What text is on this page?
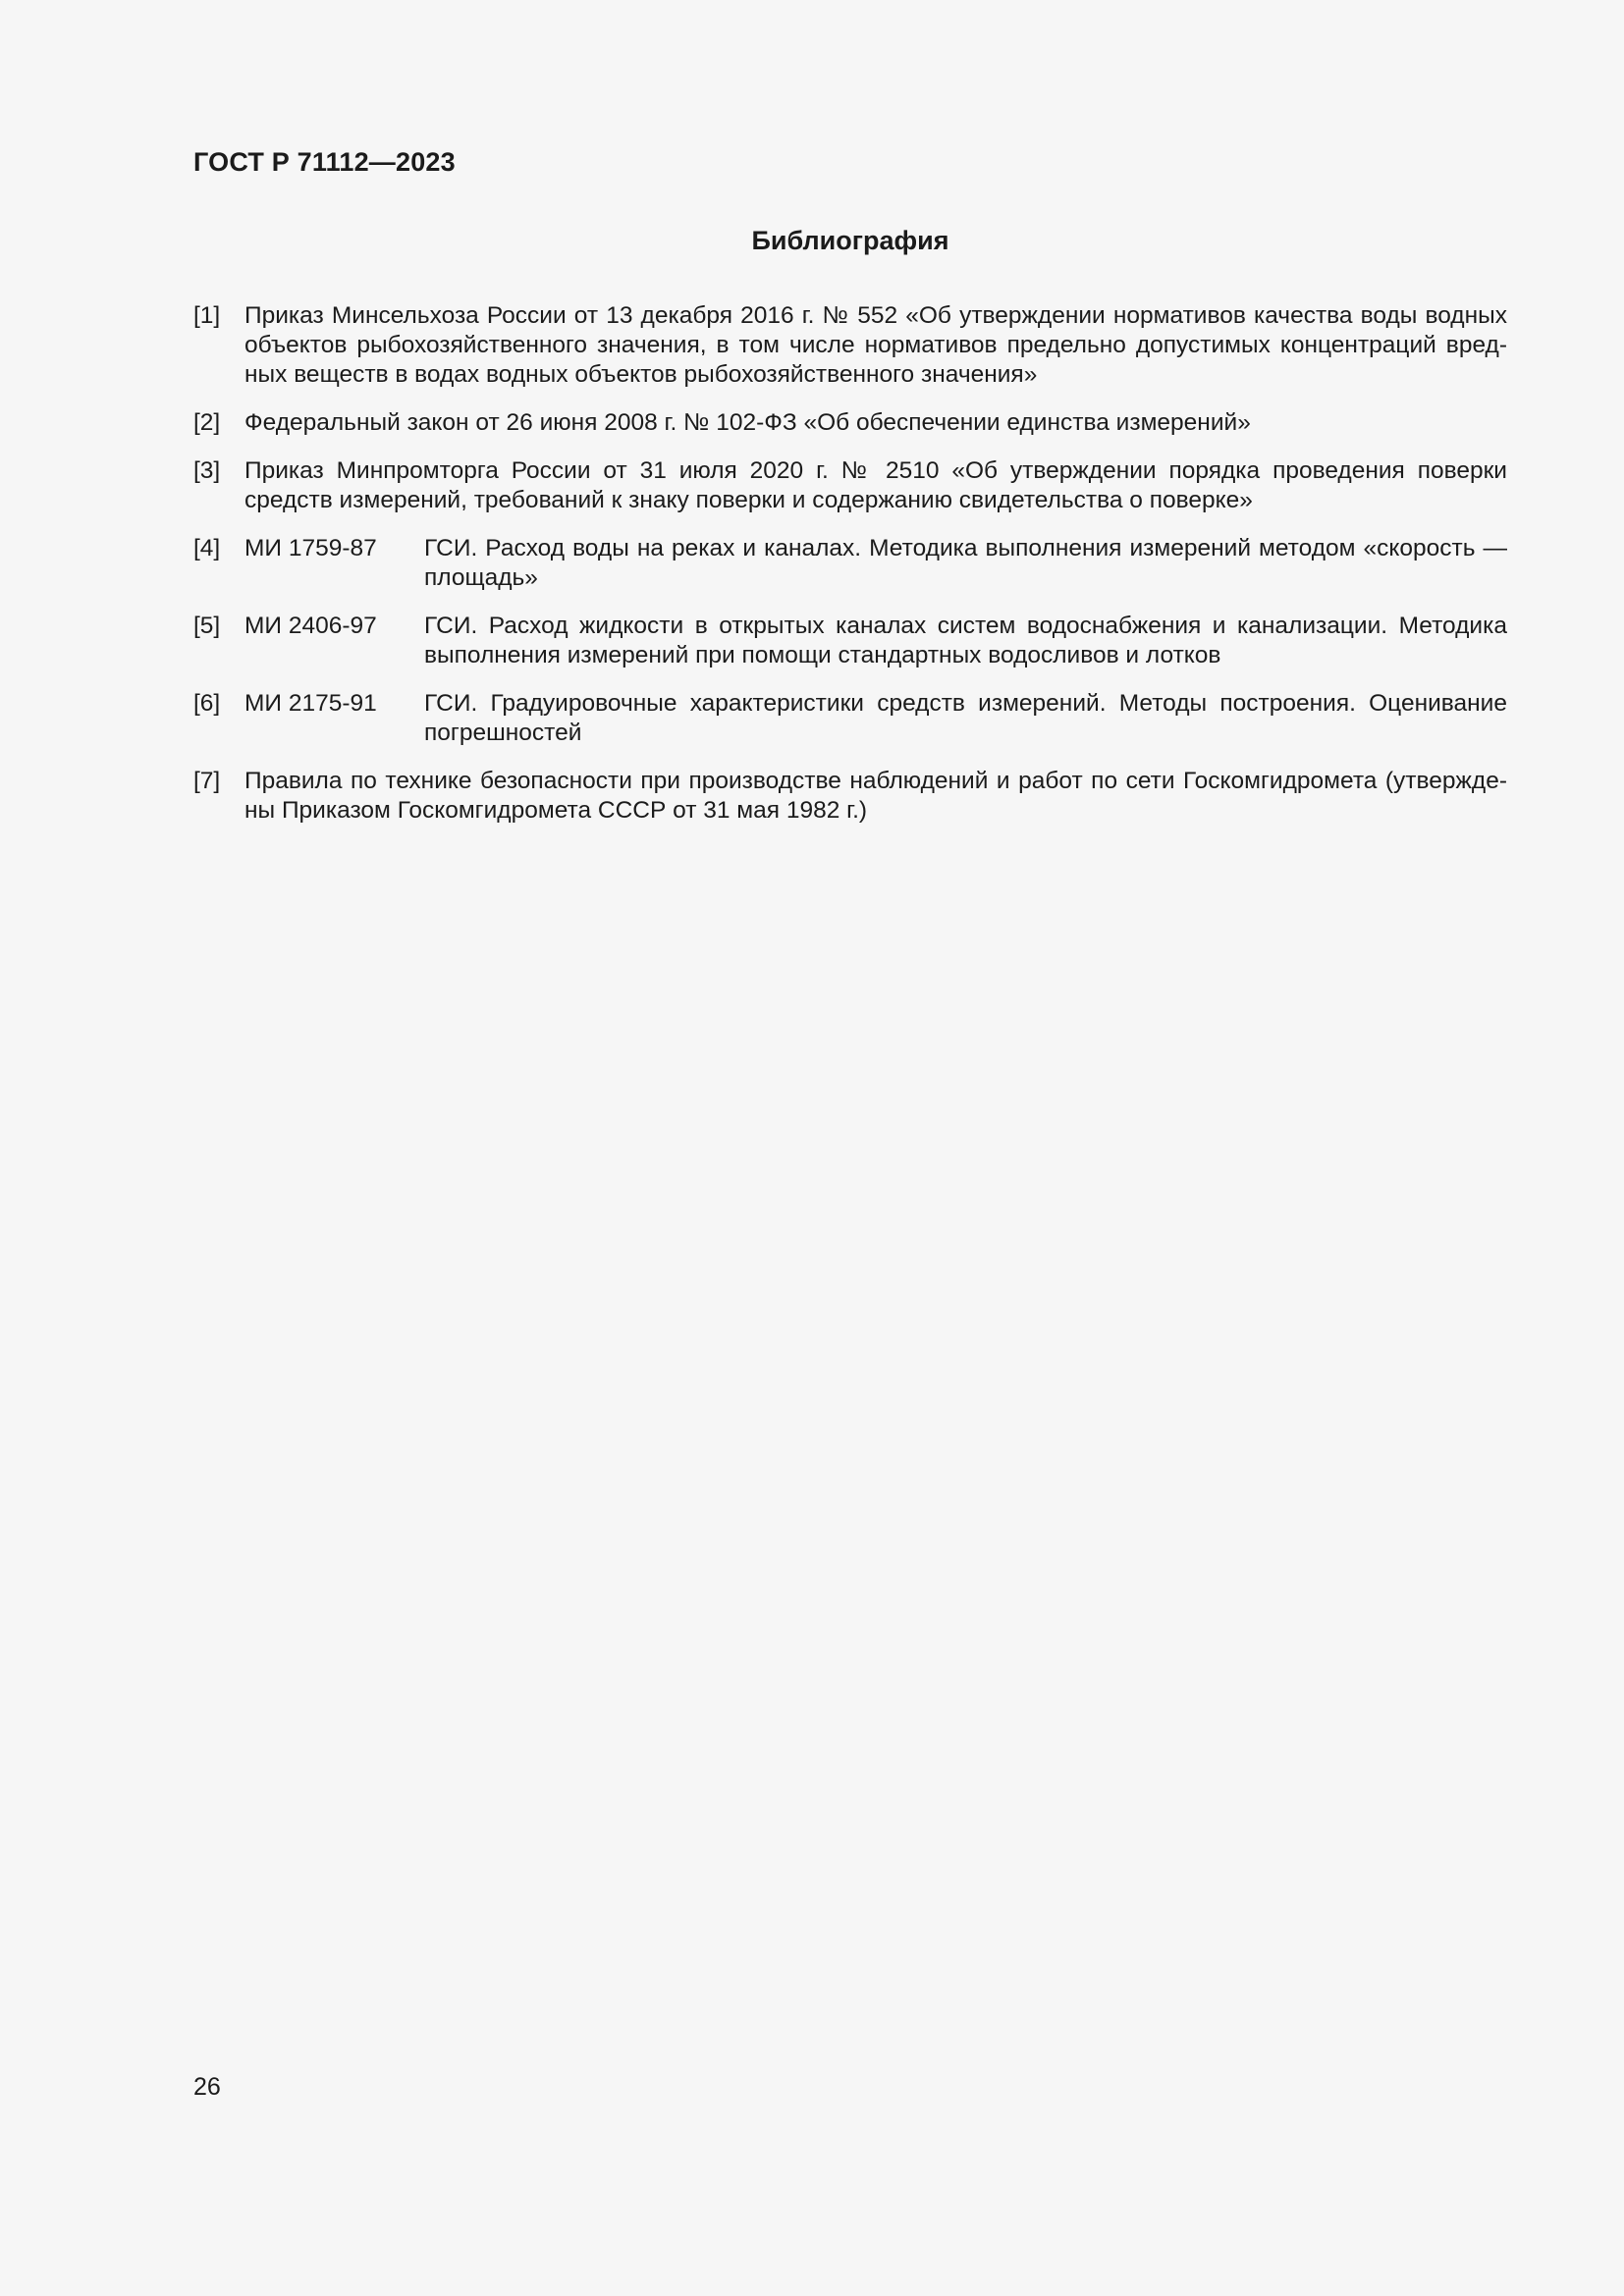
ГОСТ Р 71112—2023
Библиография
[1]	Приказ Минсельхоза России от 13 декабря 2016 г. № 552 «Об утверждении нормативов качества воды водных объектов рыбохозяйственного значения, в том числе нормативов предельно допустимых концентраций вредных веществ в водах водных объектов рыбохозяйственного значения»
[2]	Федеральный закон от 26 июня 2008 г. № 102-ФЗ «Об обеспечении единства измерений»
[3]	Приказ Минпромторга России от 31 июля 2020 г. № 2510 «Об утверждении порядка проведения поверки средств измерений, требований к знаку поверки и содержанию свидетельства о поверке»
[4]	МИ 1759-87	ГСИ. Расход воды на реках и каналах. Методика выполнения измерений методом «скорость — площадь»
[5]	МИ 2406-97	ГСИ. Расход жидкости в открытых каналах систем водоснабжения и канализации. Методика выполнения измерений при помощи стандартных водосливов и лотков
[6]	МИ 2175-91	ГСИ. Градуировочные характеристики средств измерений. Методы построения. Оценивание погрешностей
[7]	Правила по технике безопасности при производстве наблюдений и работ по сети Госкомгидромета (утверждены Приказом Госкомгидромета СССР от 31 мая 1982 г.)
26
